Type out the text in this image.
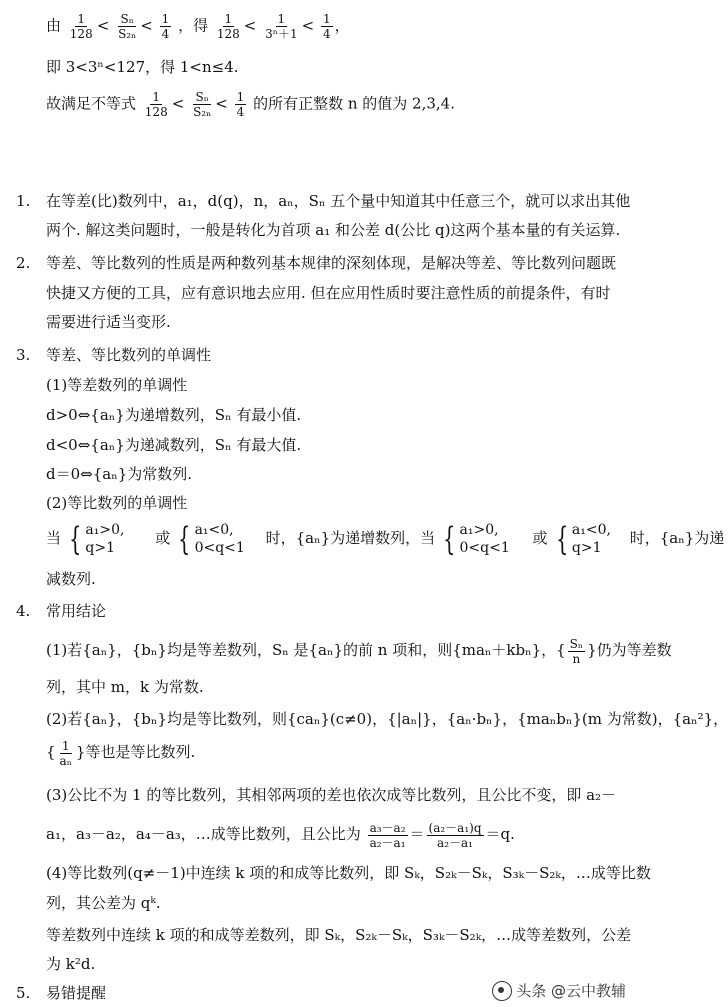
由 $\frac{1}{128} < \frac{\text{Sₙ}}{\text{S₂ₙ}} < \frac{1}{4}$ ，得 $\frac{1}{128} < \frac{1}{\text{3ⁿ＋1}} < \frac{1}{4}$ ，
即 3<3ⁿ<127，得 1<n≤4.
故满足不等式 $\frac{1}{128} < \frac{\text{Sₙ}}{\text{S₂ₙ}} < \frac{1}{4}$ 的所有正整数 n 的值为 2,3,4.
1. 在等差(比)数列中，a₁，d(q)，n，aₙ，Sₙ 五个量中知道其中任意三个，就可以求出其他
两个. 解这类问题时，一般是转化为首项 a₁ 和公差 d(公比 q)这两个基本量的有关运算.
2. 等差、等比数列的性质是两种数列基本规律的深刻体现，是解决等差、等比数列问题既
快捷又方便的工具，应有意识地去应用. 但在应用性质时要注意性质的前提条件，有时
需要进行适当变形.
3. 等差、等比数列的单调性
(1)等差数列的单调性
d>0⇔{aₙ}为递增数列，Sₙ 有最小值.
d<0⇔{aₙ}为递减数列，Sₙ 有最大值.
d＝0⇔{aₙ}为常数列.
(2)等比数列的单调性
当 { a₁>0,
q>1
或 { a₁<0,
0<q<1
时，{aₙ}为递增数列，当 { a₁>0,
0<q<1
或 { a₁<0,
q>1
时，{aₙ}为递
减数列.
4. 常用结论
(1)若{aₙ}，{bₙ}均是等差数列，Sₙ 是{aₙ}的前 n 项和，则{maₙ＋kbₙ}，{ $\frac{\text{Sₙ}}{n}$ }仍为等差数
列，其中 m，k 为常数.
(2)若{aₙ}，{bₙ}均是等比数列，则{caₙ}(c≠0)，{|aₙ|}，{aₙ·bₙ}，{maₙbₙ}(m 为常数)，{aₙ²}，
{ $\frac{1}{\text{aₙ}}$ }等也是等比数列.
(3)公比不为 1 的等比数列，其相邻两项的差也依次成等比数列，且公比不变，即 a₂－
a₁，a₃－a₂，a₄－a₃，…成等比数列，且公比为 $\frac{\text{a₃－a₂}}{\text{a₂－a₁}} = \frac{\text{(a₂－a₁)q}}{\text{a₂－a₁}} =q$.
(4)等比数列(q≠－1)中连续 k 项的和成等比数列，即 Sₖ，S₂ₖ－Sₖ，S₃ₖ－S₂ₖ，…成等比数
列，其公差为 qᵏ.
等差数列中连续 k 项的和成等差数列，即 Sₖ，S₂ₖ－Sₖ，S₃ₖ－S₂ₖ，…成等差数列，公差
为 k²d.
5. 易错提醒	头条 @云中教辅
